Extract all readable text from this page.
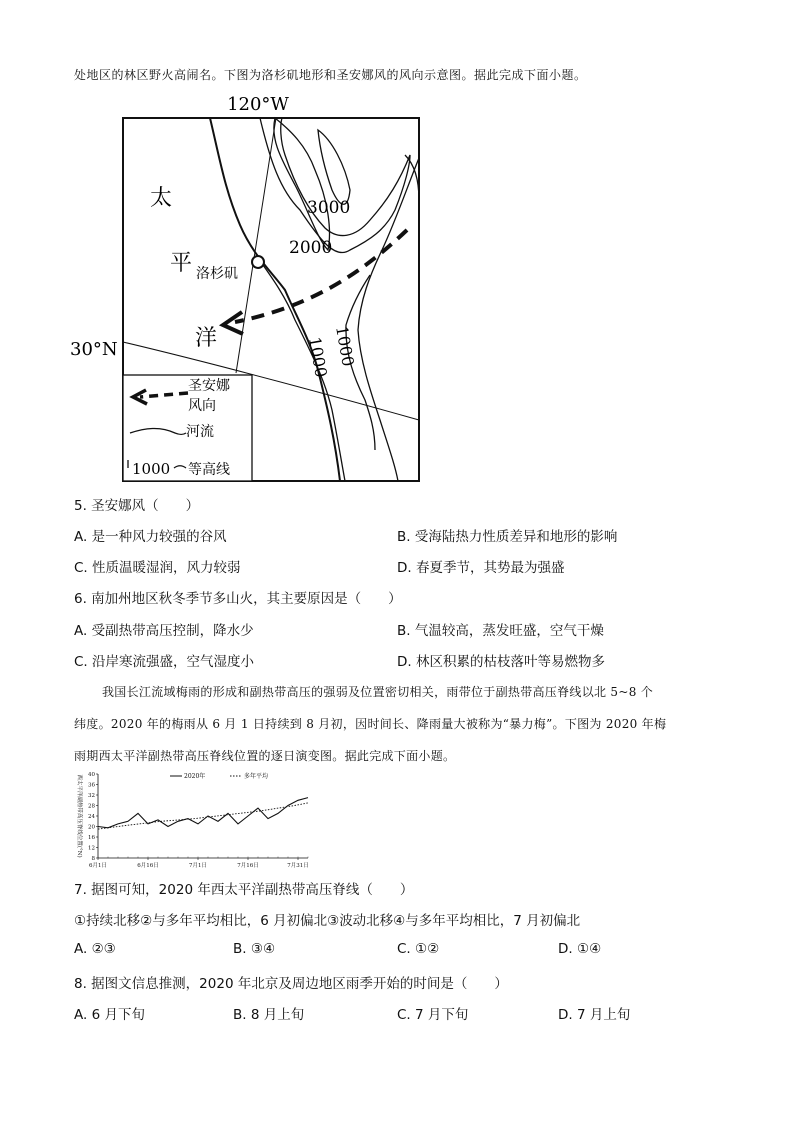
处地区的林区野火高闹名。下图为洛杉矶地形和圣安娜风的风向示意图。据此完成下面小题。
120°W
30°N
太
平
洋
洛杉矶
3000
2000
1000 1000
圣安娜
风向
河流
1000 等高线
5. 圣安娜风（　　）
A. 是一种风力较强的谷风	B. 受海陆热力性质差异和地形的影响
C. 性质温暖湿润，风力较弱	D. 春夏季节，其势最为强盛
6. 南加州地区秋冬季节多山火，其主要原因是（　　）
A. 受副热带高压控制，降水少	B. 气温较高，蒸发旺盛，空气干燥
C. 沿岸寒流强盛，空气湿度小	D. 林区积累的枯枝落叶等易燃物多
我国长江流域梅雨的形成和副热带高压的强弱及位置密切相关，雨带位于副热带高压脊线以北 5~8 个
纬度。2020 年的梅雨从 6 月 1 日持续到 8 月初，因时间长、降雨量大被称为“暴力梅”。下图为 2020 年梅
雨期西太平洋副热带高压脊线位置的逐日演变图。据此完成下面小题。
8
12
16
20
24
28
32
36
40
6月1日	6月16日	7月1日	7月16日	7月31日
西太平洋副热带高压脊线位置(°N)	2020年	多年平均
7. 据图可知，2020 年西太平洋副热带高压脊线（　　）
①持续北移②与多年平均相比，6 月初偏北③波动北移④与多年平均相比，7 月初偏北
A. ②③	B. ③④	C. ①②	D. ①④
8. 据图文信息推测，2020 年北京及周边地区雨季开始的时间是（　　）
A. 6 月下旬	B. 8 月上旬	C. 7 月下旬	D. 7 月上旬
